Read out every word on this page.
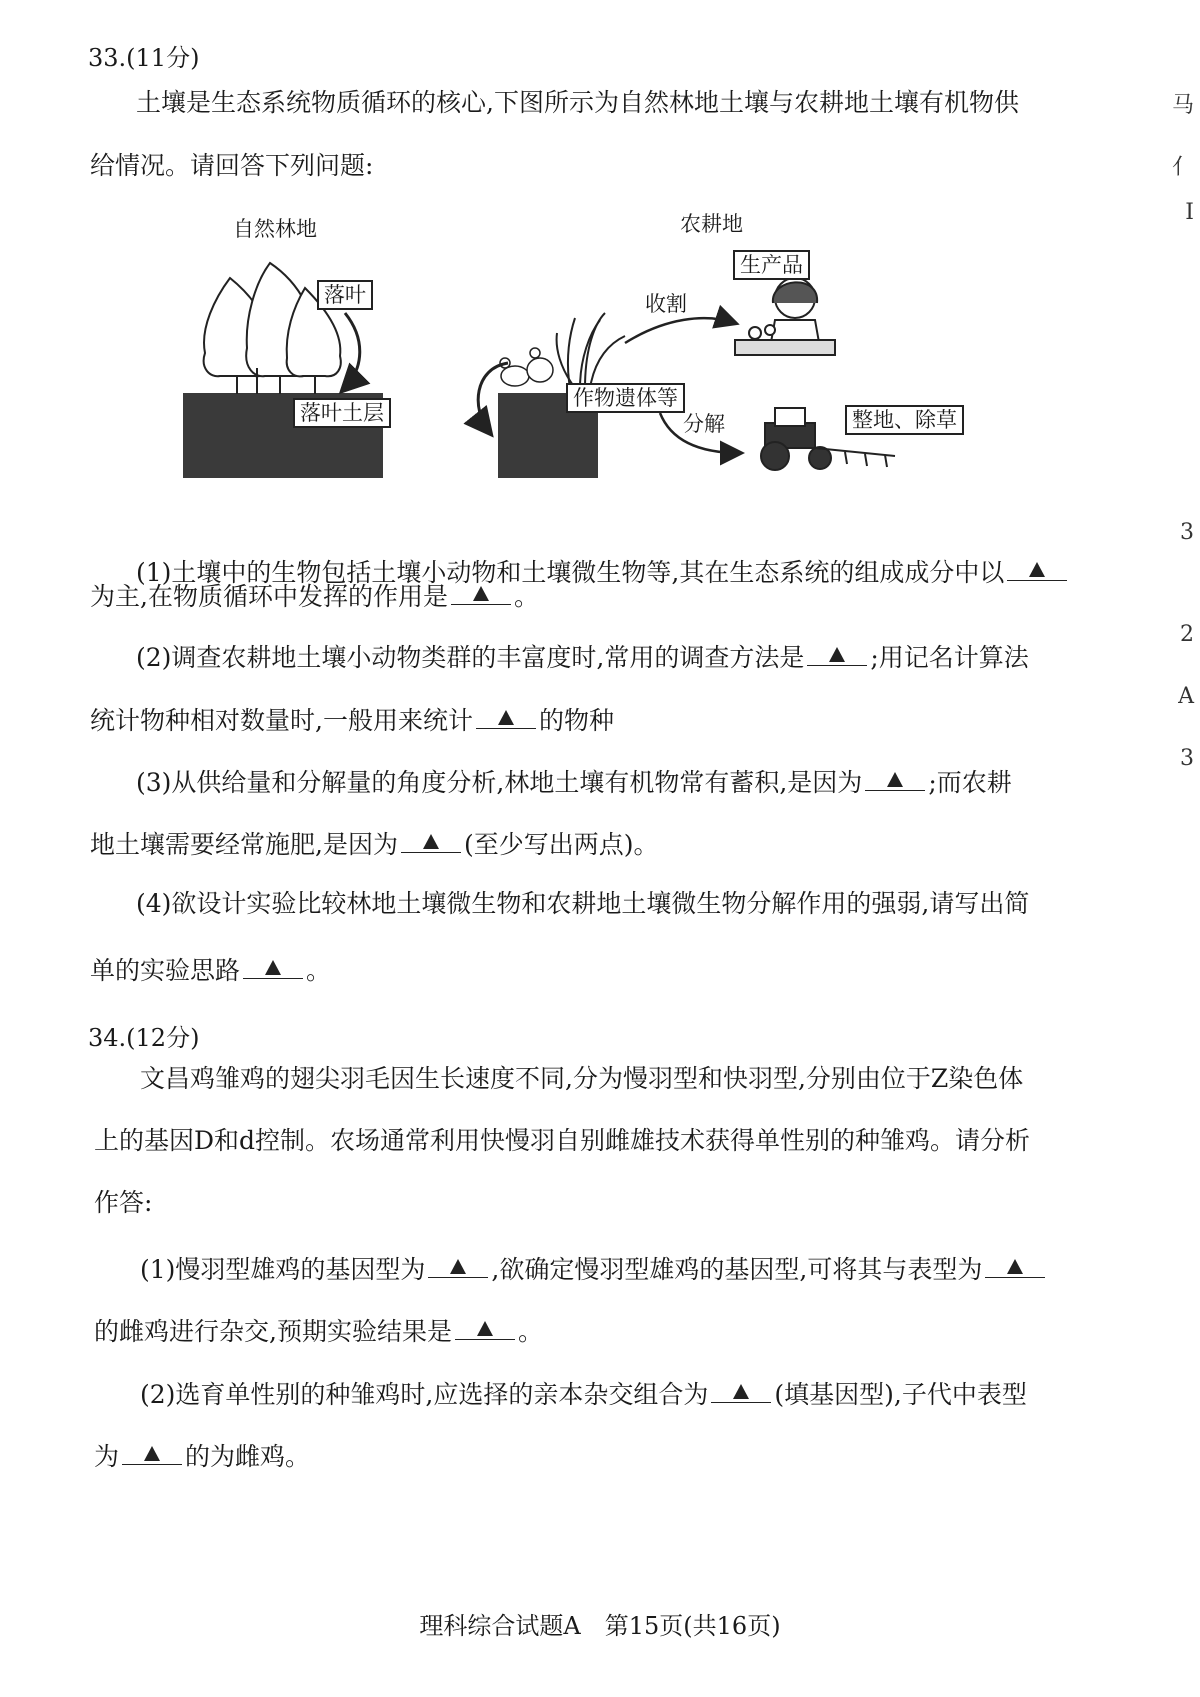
33.(11分)
土壤是生态系统物质循环的核心,下图所示为自然林地土壤与农耕地土壤有机物供
给情况。请回答下列问题:
自然林地	农耕地
落叶
落叶土层
生产品
收割
作物遗体等
分解	整地、除草
(1)土壤中的生物包括土壤小动物和土壤微生物等,其在生态系统的组成成分中以
为主,在物质循环中发挥的作用是	。
(2)调查农耕地土壤小动物类群的丰富度时,常用的调查方法是	;用记名计算法
统计物种相对数量时,一般用来统计	的物种
(3)从供给量和分解量的角度分析,林地土壤有机物常有蓄积,是因为	;而农耕
地土壤需要经常施肥,是因为	(至少写出两点)。
(4)欲设计实验比较林地土壤微生物和农耕地土壤微生物分解作用的强弱,请写出简
单的实验思路	。
34.(12分)
文昌鸡雏鸡的翅尖羽毛因生长速度不同,分为慢羽型和快羽型,分别由位于Z染色体
上的基因D和d控制。农场通常利用快慢羽自别雌雄技术获得单性别的种雏鸡。请分析
作答:
(1)慢羽型雄鸡的基因型为	,欲确定慢羽型雄鸡的基因型,可将其与表型为
的雌鸡进行杂交,预期实验结果是	。
(2)选育单性别的种雏鸡时,应选择的亲本杂交组合为	(填基因型),子代中表型
为	的为雌鸡。
理科综合试题A　第15页(共16页)
马
亻
I
3
2
A
3
